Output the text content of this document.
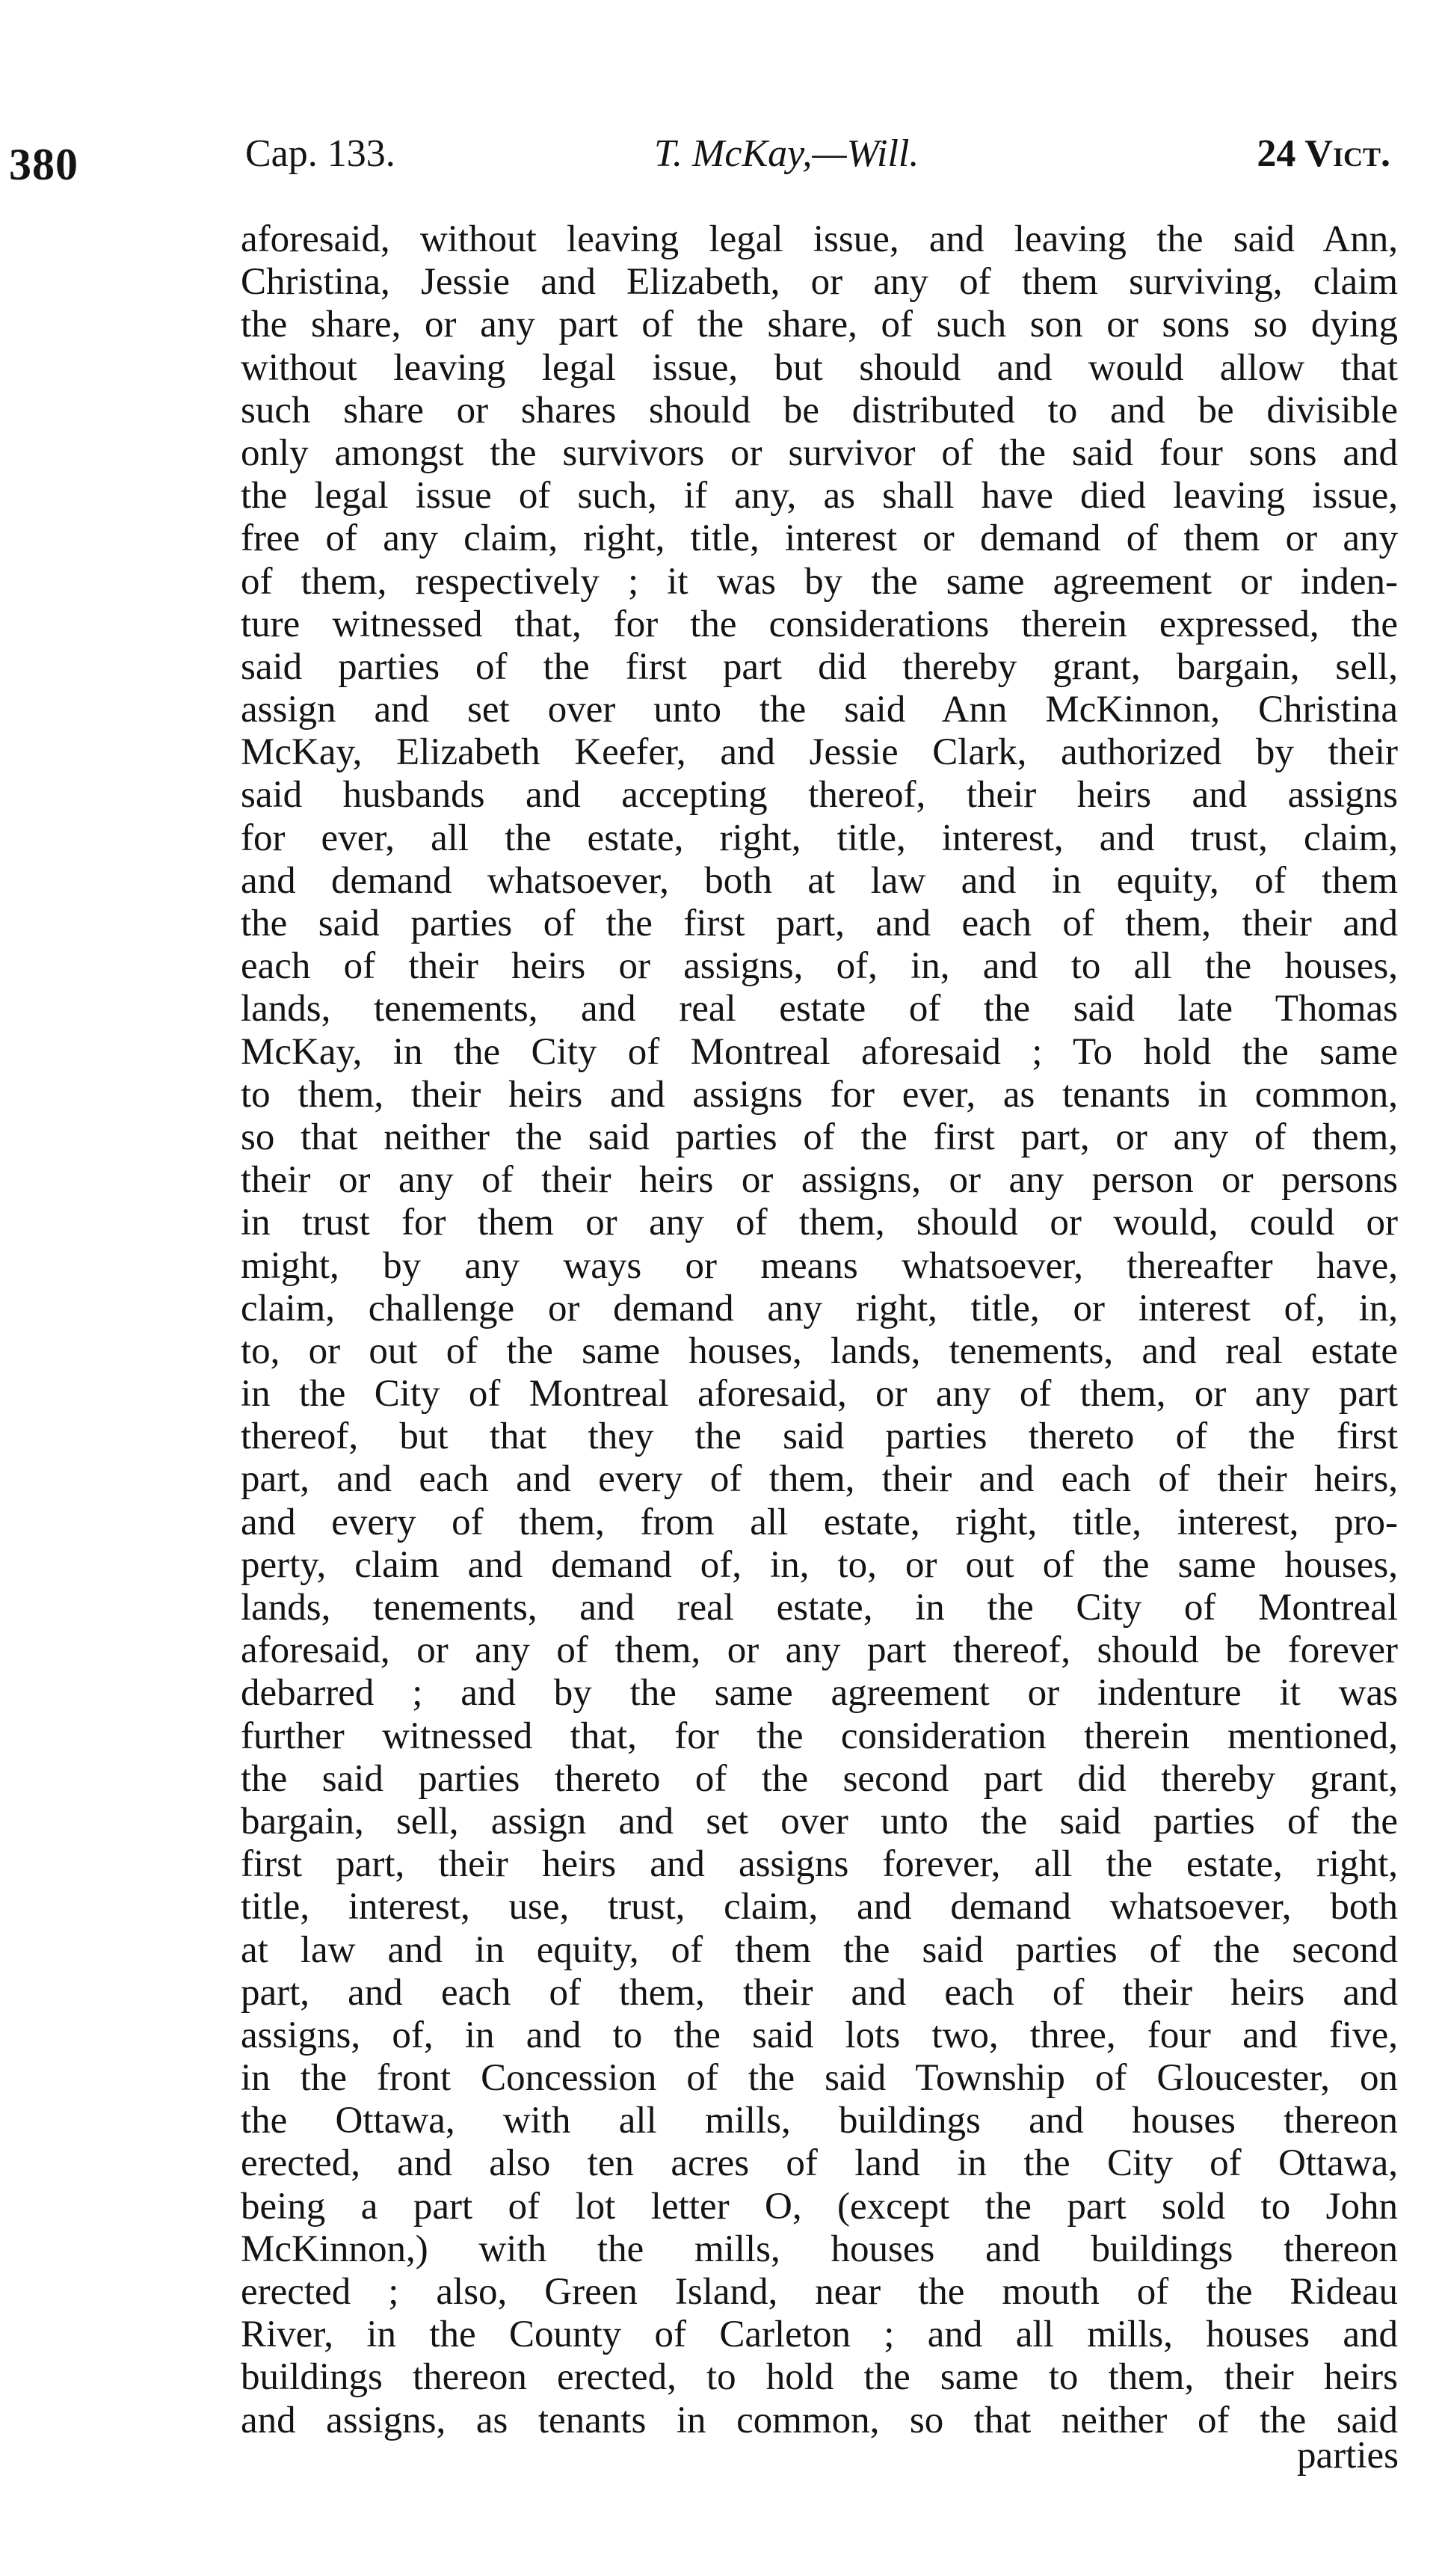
380	Cap. 133.	T. McKay,—Will.	24 Vict.
aforesaid, without leaving legal issue, and leaving the said Ann,
Christina, Jessie and Elizabeth, or any of them surviving, claim
the share, or any part of the share, of such son or sons so dying
without leaving legal issue, but should and would allow that
such share or shares should be distributed to and be divisible
only amongst the survivors or survivor of the said four sons and
the legal issue of such, if any, as shall have died leaving issue,
free of any claim, right, title, interest or demand of them or any
of them, respectively ; it was by the same agreement or inden-
ture witnessed that, for the considerations therein expressed, the
said parties of the first part did thereby grant, bargain, sell,
assign and set over unto the said Ann McKinnon, Christina
McKay, Elizabeth Keefer, and Jessie Clark, authorized by their
said husbands and accepting thereof, their heirs and assigns
for ever, all the estate, right, title, interest, and trust, claim,
and demand whatsoever, both at law and in equity, of them
the said parties of the first part, and each of them, their and
each of their heirs or assigns, of, in, and to all the houses,
lands, tenements, and real estate of the said late Thomas
McKay, in the City of Montreal aforesaid ; To hold the same
to them, their heirs and assigns for ever, as tenants in common,
so that neither the said parties of the first part, or any of them,
their or any of their heirs or assigns, or any person or persons
in trust for them or any of them, should or would, could or
might, by any ways or means whatsoever, thereafter have,
claim, challenge or demand any right, title, or interest of, in,
to, or out of the same houses, lands, tenements, and real estate
in the City of Montreal aforesaid, or any of them, or any part
thereof, but that they the said parties thereto of the first
part, and each and every of them, their and each of their heirs,
and every of them, from all estate, right, title, interest, pro-
perty, claim and demand of, in, to, or out of the same houses,
lands, tenements, and real estate, in the City of Montreal
aforesaid, or any of them, or any part thereof, should be forever
debarred ; and by the same agreement or indenture it was
further witnessed that, for the consideration therein mentioned,
the said parties thereto of the second part did thereby grant,
bargain, sell, assign and set over unto the said parties of the
first part, their heirs and assigns forever, all the estate, right,
title, interest, use, trust, claim, and demand whatsoever, both
at law and in equity, of them the said parties of the second
part, and each of them, their and each of their heirs and
assigns, of, in and to the said lots two, three, four and five,
in the front Concession of the said Township of Gloucester, on
the Ottawa, with all mills, buildings and houses thereon
erected, and also ten acres of land in the City of Ottawa,
being a part of lot letter O, (except the part sold to John
McKinnon,) with the mills, houses and buildings thereon
erected ; also, Green Island, near the mouth of the Rideau
River, in the County of Carleton ; and all mills, houses and
buildings thereon erected, to hold the same to them, their heirs
and assigns, as tenants in common, so that neither of the said
parties
